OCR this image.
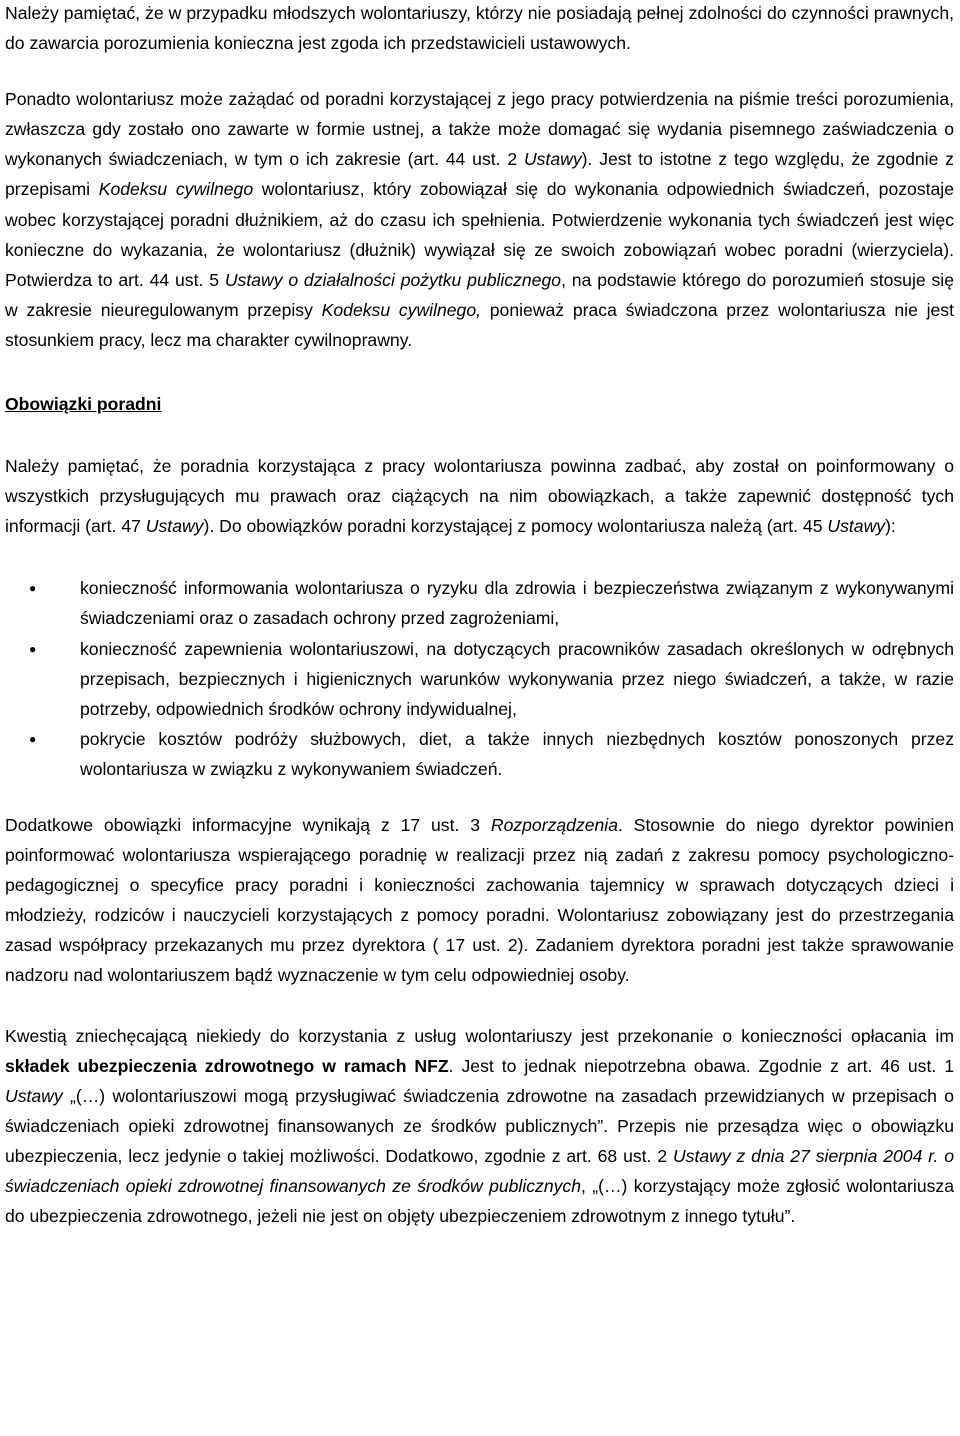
Należy pamiętać, że w przypadku młodszych wolontariuszy, którzy nie posiadają pełnej zdolności do czynności prawnych, do zawarcia porozumienia konieczna jest zgoda ich przedstawicieli ustawowych.

Ponadto wolontariusz może zażądać od poradni korzystającej z jego pracy potwierdzenia na piśmie treści porozumienia, zwłaszcza gdy zostało ono zawarte w formie ustnej, a także może domagać się wydania pisemnego zaświadczenia o wykonanych świadczeniach, w tym o ich zakresie (art. 44 ust. 2 Ustawy). Jest to istotne z tego względu, że zgodnie z przepisami Kodeksu cywilnego wolontariusz, który zobowiązał się do wykonania odpowiednich świadczeń, pozostaje wobec korzystającej poradni dłużnikiem, aż do czasu ich spełnienia. Potwierdzenie wykonania tych świadczeń jest więc konieczne do wykazania, że wolontariusz (dłużnik) wywiązał się ze swoich zobowiązań wobec poradni (wierzyciela). Potwierdza to art. 44 ust. 5 Ustawy o działalności pożytku publicznego, na podstawie którego do porozumień stosuje się w zakresie nieuregulowanym przepisy Kodeksu cywilnego, ponieważ praca świadczona przez wolontariusza nie jest stosunkiem pracy, lecz ma charakter cywilnoprawny.

Obowiązki poradni

Należy pamiętać, że poradnia korzystająca z pracy wolontariusza powinna zadbać, aby został on poinformowany o wszystkich przysługujących mu prawach oraz ciążących na nim obowiązkach, a także zapewnić dostępność tych informacji (art. 47 Ustawy). Do obowiązków poradni korzystającej z pomocy wolontariusza należą (art. 45 Ustawy):

● konieczność informowania wolontariusza o ryzyku dla zdrowia i bezpieczeństwa związanym z wykonywanymi świadczeniami oraz o zasadach ochrony przed zagrożeniami,
● konieczność zapewnienia wolontariuszowi, na dotyczących pracowników zasadach określonych w odrębnych przepisach, bezpiecznych i higienicznych warunków wykonywania przez niego świadczeń, a także, w razie potrzeby, odpowiednich środków ochrony indywidualnej,
● pokrycie kosztów podróży służbowych, diet, a także innych niezbędnych kosztów ponoszonych przez wolontariusza w związku z wykonywaniem świadczeń.

Dodatkowe obowiązki informacyjne wynikają z 17 ust. 3 Rozporządzenia. Stosownie do niego dyrektor powinien poinformować wolontariusza wspierającego poradnię w realizacji przez nią zadań z zakresu pomocy psychologiczno-pedagogicznej o specyfice pracy poradni i konieczności zachowania tajemnicy w sprawach dotyczących dzieci i młodzieży, rodziców i nauczycieli korzystających z pomocy poradni. Wolontariusz zobowiązany jest do przestrzegania zasad współpracy przekazanych mu przez dyrektora ( 17 ust. 2). Zadaniem dyrektora poradni jest także sprawowanie nadzoru nad wolontariuszem bądź wyznaczenie w tym celu odpowiedniej osoby.

Kwestią zniechęcającą niekiedy do korzystania z usług wolontariuszy jest przekonanie o konieczności opłacania im składek ubezpieczenia zdrowotnego w ramach NFZ. Jest to jednak niepotrzebna obawa. Zgodnie z art. 46 ust. 1 Ustawy „(…) wolontariuszowi mogą przysługiwać świadczenia zdrowotne na zasadach przewidzianych w przepisach o świadczeniach opieki zdrowotnej finansowanych ze środków publicznych”. Przepis nie przesądza więc o obowiązku ubezpieczenia, lecz jedynie o takiej możliwości. Dodatkowo, zgodnie z art. 68 ust. 2 Ustawy z dnia 27 sierpnia 2004 r. o świadczeniach opieki zdrowotnej finansowanych ze środków publicznych, „(…) korzystający może zgłosić wolontariusza do ubezpieczenia zdrowotnego, jeżeli nie jest on objęty ubezpieczeniem zdrowotnym z innego tytułu”.
